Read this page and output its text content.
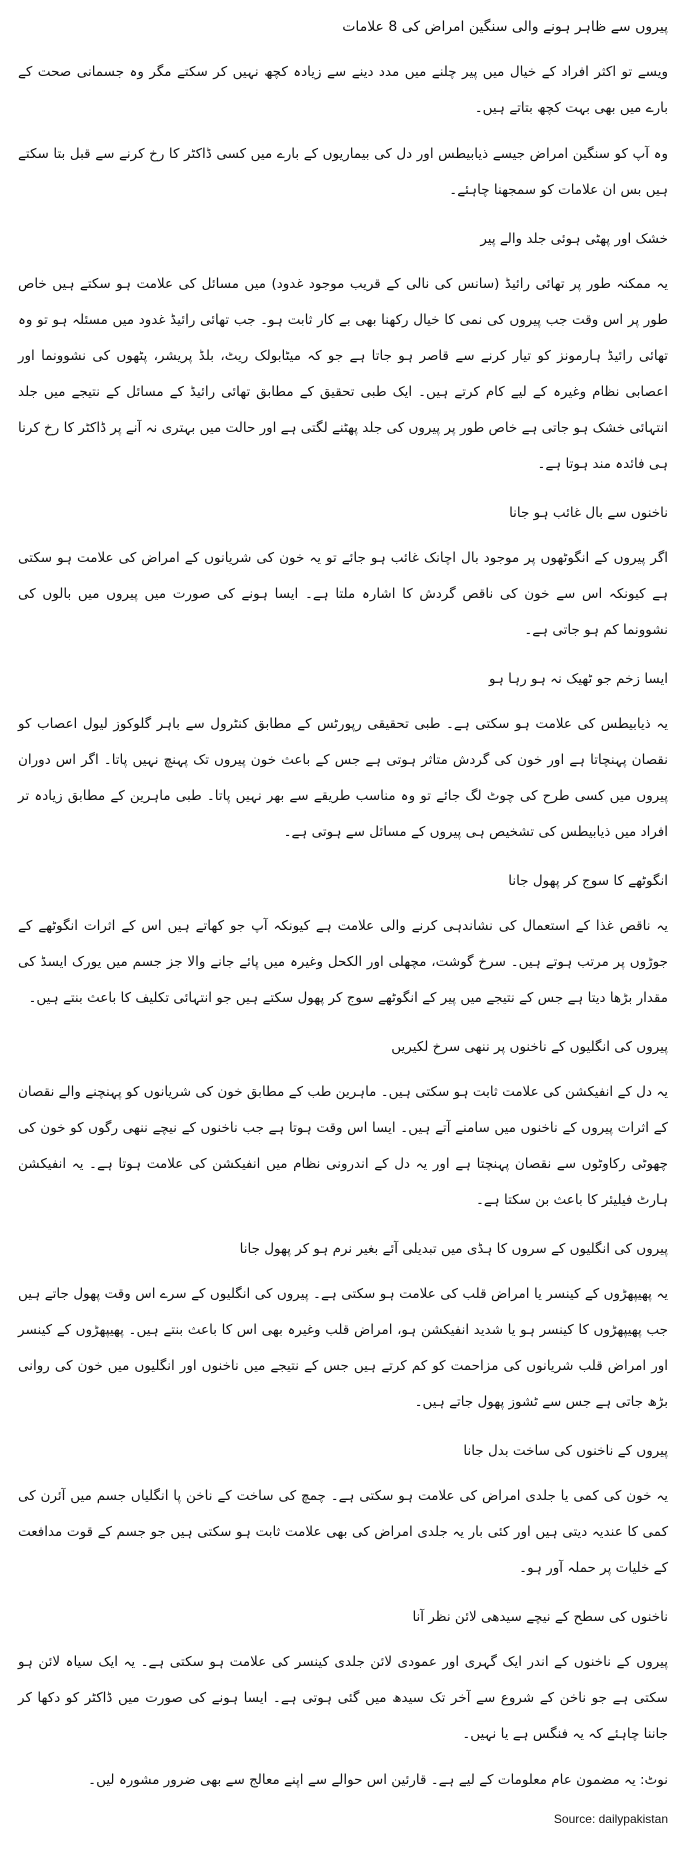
پیروں سے ظاہر ہونے والی سنگین امراض کی 8 علامات

ویسے تو اکثر افراد کے خیال میں پیر چلنے میں مدد دینے سے زیادہ کچھ نہیں کر سکتے مگر وہ جسمانی صحت کے بارے میں بھی بہت کچھ بتاتے ہیں۔

وہ آپ کو سنگین امراض جیسے ذیابیطس اور دل کی بیماریوں کے بارے میں کسی ڈاکٹر کا رخ کرنے سے قبل بتا سکتے ہیں بس ان علامات کو سمجھنا چاہئے۔

خشک اور پھٹی ہوئی جلد والے پیر

یہ ممکنہ طور پر تھائی رائیڈ (سانس کی نالی کے قریب موجود غدود) میں مسائل کی علامت ہو سکتے ہیں خاص طور پر اس وقت جب پیروں کی نمی کا خیال رکھنا بھی بے کار ثابت ہو۔ جب تھائی رائیڈ غدود میں مسئلہ ہو تو وہ تھائی رائیڈ ہارمونز کو تیار کرنے سے قاصر ہو جاتا ہے جو کہ میٹابولک ریٹ، بلڈ پریشر، پٹھوں کی نشوونما اور اعصابی نظام وغیرہ کے لیے کام کرتے ہیں۔ ایک طبی تحقیق کے مطابق تھائی رائیڈ کے مسائل کے نتیجے میں جلد انتہائی خشک ہو جاتی ہے خاص طور پر پیروں کی جلد پھٹنے لگتی ہے اور حالت میں بہتری نہ آنے پر ڈاکٹر کا رخ کرنا ہی فائدہ مند ہوتا ہے۔

ناخنوں سے بال غائب ہو جانا

اگر پیروں کے انگوٹھوں پر موجود بال اچانک غائب ہو جائے تو یہ خون کی شریانوں کے امراض کی علامت ہو سکتی ہے کیونکہ اس سے خون کی ناقص گردش کا اشارہ ملتا ہے۔ ایسا ہونے کی صورت میں پیروں میں بالوں کی نشوونما کم ہو جاتی ہے۔

ایسا زخم جو ٹھیک نہ ہو رہا ہو

یہ ذیابیطس کی علامت ہو سکتی ہے۔ طبی تحقیقی رپورٹس کے مطابق کنٹرول سے باہر گلوکوز لیول اعصاب کو نقصان پہنچاتا ہے اور خون کی گردش متاثر ہوتی ہے جس کے باعث خون پیروں تک پہنچ نہیں پاتا۔ اگر اس دوران پیروں میں کسی طرح کی چوٹ لگ جائے تو وہ مناسب طریقے سے بھر نہیں پاتا۔ طبی ماہرین کے مطابق زیادہ تر افراد میں ذیابیطس کی تشخیص ہی پیروں کے مسائل سے ہوتی ہے۔

انگوٹھے کا سوج کر پھول جانا

یہ ناقص غذا کے استعمال کی نشاندہی کرنے والی علامت ہے کیونکہ آپ جو کھاتے ہیں اس کے اثرات انگوٹھے کے جوڑوں پر مرتب ہوتے ہیں۔ سرخ گوشت، مچھلی اور الکحل وغیرہ میں پائے جانے والا جز جسم میں یورک ایسڈ کی مقدار بڑھا دیتا ہے جس کے نتیجے میں پیر کے انگوٹھے سوج کر پھول سکتے ہیں جو انتہائی تکلیف کا باعث بنتے ہیں۔

پیروں کی انگلیوں کے ناخنوں پر ننھی سرخ لکیریں

یہ دل کے انفیکشن کی علامت ثابت ہو سکتی ہیں۔ ماہرین طب کے مطابق خون کی شریانوں کو پہنچنے والے نقصان کے اثرات پیروں کے ناخنوں میں سامنے آتے ہیں۔ ایسا اس وقت ہوتا ہے جب ناخنوں کے نیچے ننھی رگوں کو خون کی چھوٹی رکاوٹوں سے نقصان پہنچتا ہے اور یہ دل کے اندرونی نظام میں انفیکشن کی علامت ہوتا ہے۔ یہ انفیکشن ہارٹ فیلیئر کا باعث بن سکتا ہے۔

پیروں کی انگلیوں کے سروں کا ہڈی میں تبدیلی آئے بغیر نرم ہو کر پھول جانا

یہ پھیپھڑوں کے کینسر یا امراض قلب کی علامت ہو سکتی ہے۔ پیروں کی انگلیوں کے سرے اس وقت پھول جاتے ہیں جب پھیپھڑوں کا کینسر ہو یا شدید انفیکشن ہو، امراض قلب وغیرہ بھی اس کا باعث بنتے ہیں۔ پھیپھڑوں کے کینسر اور امراض قلب شریانوں کی مزاحمت کو کم کرتے ہیں جس کے نتیجے میں ناخنوں اور انگلیوں میں خون کی روانی بڑھ جاتی ہے جس سے ٹشوز پھول جاتے ہیں۔

پیروں کے ناخنوں کی ساخت بدل جانا

یہ خون کی کمی یا جلدی امراض کی علامت ہو سکتی ہے۔ چمچ کی ساخت کے ناخن پا انگلیاں جسم میں آئرن کی کمی کا عندیہ دیتی ہیں اور کئی بار یہ جلدی امراض کی بھی علامت ثابت ہو سکتی ہیں جو جسم کے قوت مدافعت کے خلیات پر حملہ آور ہو۔

ناخنوں کی سطح کے نیچے سیدھی لائن نظر آنا

پیروں کے ناخنوں کے اندر ایک گہری اور عمودی لائن جلدی کینسر کی علامت ہو سکتی ہے۔ یہ ایک سیاہ لائن ہو سکتی ہے جو ناخن کے شروع سے آخر تک سیدھ میں گئی ہوتی ہے۔ ایسا ہونے کی صورت میں ڈاکٹر کو دکھا کر جاننا چاہئے کہ یہ فنگس ہے یا نہیں۔

نوٹ: یہ مضمون عام معلومات کے لیے ہے۔ قارئین اس حوالے سے اپنے معالج سے بھی ضرور مشورہ لیں۔

Source: dailypakistan
